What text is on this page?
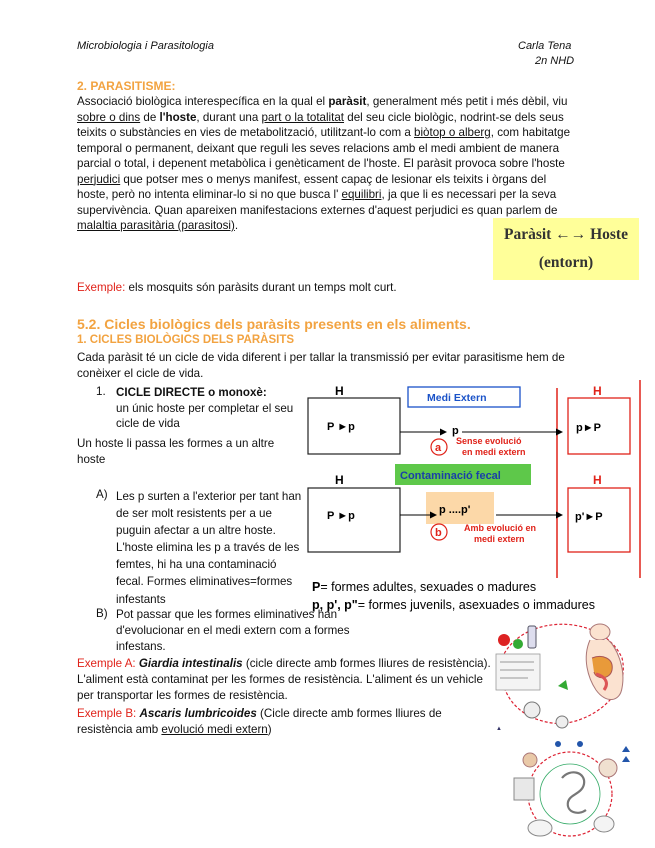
Microbiologia i Parasitologia	Carla Tena
2n NHD
2. PARASITISME:
Associació biològica interespecífica en la qual el paràsit, generalment més petit i més dèbil, viu sobre o dins de l'hoste, durant una part o la totalitat del seu cicle biològic, nodrint-se dels seus teixits o substàncies en vies de metabolització, utilitzant-lo com a biòtop o alberg, com habitatge temporal o permanent, deixant que reguli les seves relacions amb el medi ambient de manera parcial o total, i depenent metabòlica i genèticament de l'hoste. El paràsit provoca sobre l'hoste perjudici que potser mes o menys manifest, essent capaç de lesionar els teixits i òrgans del hoste, però no intenta eliminar-lo si no que busca l' equilibri, ja que li es necessari per la seva supervivència. Quan apareixen manifestacions externes d'aquest perjudici es quan parlem de malaltia parasitària (parasitosi).
Paràsit ←→ Hoste
(entorn)
Exemple: els mosquits són paràsits durant un temps molt curt.
5.2. Cicles biològics dels paràsits presents en els aliments.
1. CICLES BIOLÒGICS DELS PARÀSITS
Cada paràsit té un cicle de vida diferent i per tallar la transmissió per evitar parasitisme hem de conèixer el cicle de vida.
1. CICLE DIRECTE o monoxè:
un únic hoste per completar el seu cicle de vida
Un hoste li passa les formes a un altre hoste
A) Les p surten a l'exterior per tant han de ser molt resistents per a ue puguin afectar a un altre hoste. L'hoste elimina les p a través de les femtes, hi ha una contaminació fecal. Formes eliminatives=formes infestants
B) Pot passar que les formes eliminatives han d'evolucionar en el medi extern com a formes infestans.
Exemple A: Giardia intestinalis (cicle directe amb formes lliures de resistència). L'aliment està contaminat per les formes de resistència. L'aliment és un vehicle per transportar les formes de resistència.
Exemple B: Ascaris lumbricoides (Cicle directe amb formes lliures de resistència amb evolució medi extern)
H
P ►p
Medi Extern
p
a
Sense evolució
en medi extern
H
p►P
Contaminació fecal
H
P ►p	p ....p'
b Amb evolució en
medi extern
H
p'►P
P= formes adultes, sexuades o madures
p, p', p"= formes juvenils, asexuades o immadures
▲
